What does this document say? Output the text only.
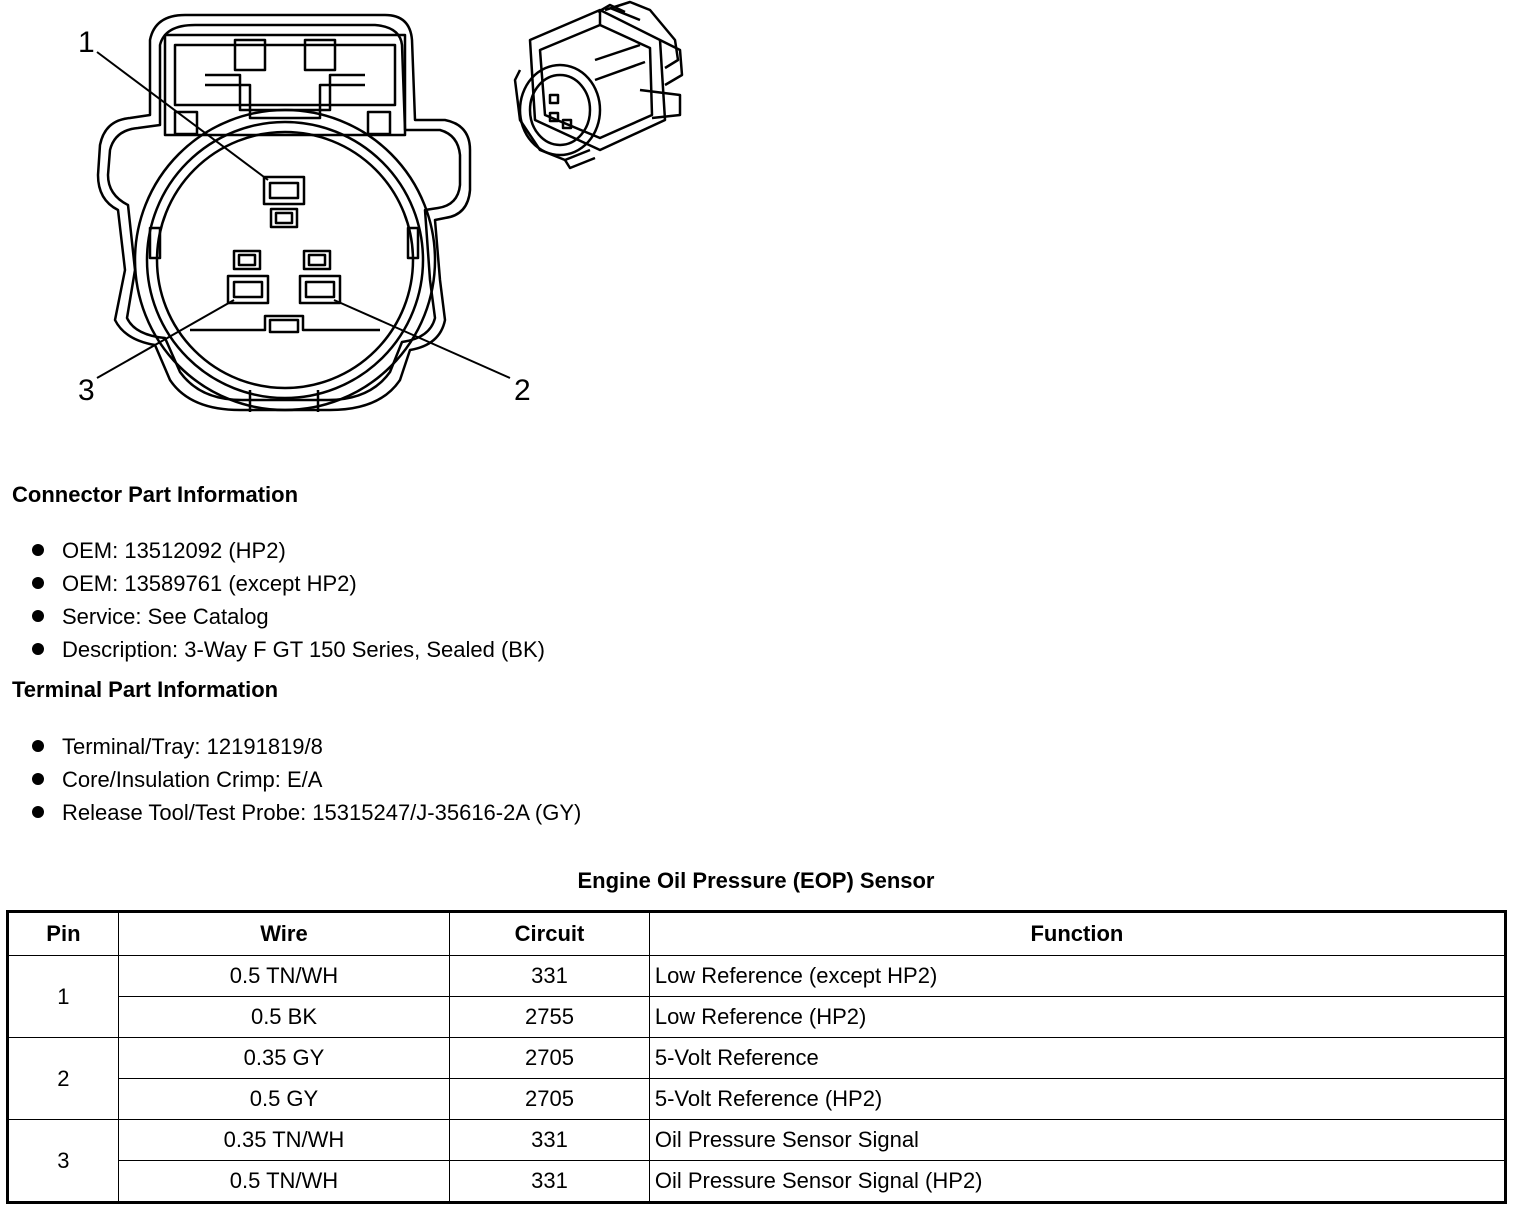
1
2
3
Connector Part Information
OEM: 13512092 (HP2)
OEM: 13589761 (except HP2)
Service: See Catalog
Description: 3-Way F GT 150 Series, Sealed (BK)
Terminal Part Information
Terminal/Tray: 12191819/8
Core/Insulation Crimp: E/A
Release Tool/Test Probe: 15315247/J-35616-2A (GY)
Engine Oil Pressure (EOP) Sensor
Pin	Wire	Circuit	Function
1	0.5 TN/WH	331	Low Reference (except HP2)
	0.5 BK	2755	Low Reference (HP2)
2	0.35 GY	2705	5-Volt Reference
	0.5 GY	2705	5-Volt Reference (HP2)
3	0.35 TN/WH	331	Oil Pressure Sensor Signal
	0.5 TN/WH	331	Oil Pressure Sensor Signal (HP2)
